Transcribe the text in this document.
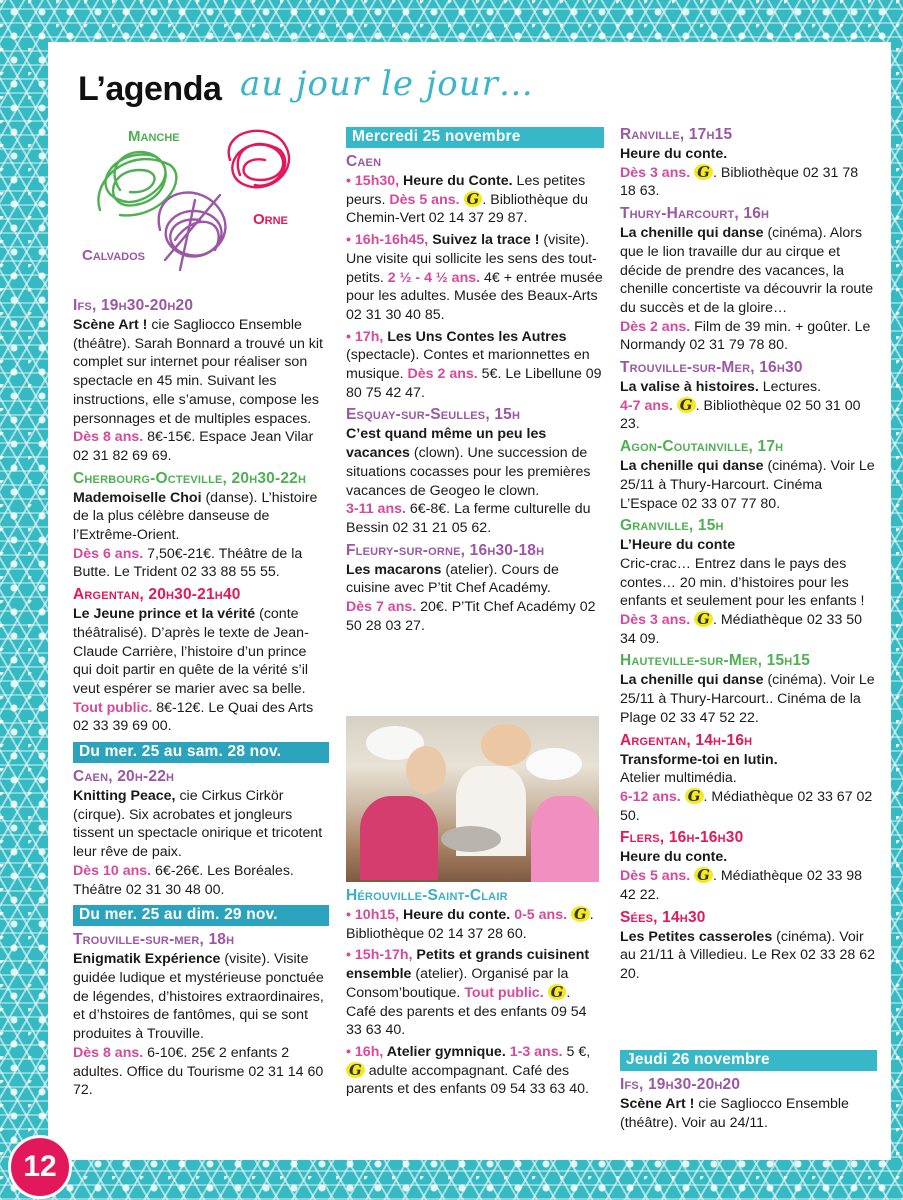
L’agenda au jour le jour…
Manche
Orne
Calvados
Ifs, 19h30-20h20
Scène Art ! cie Sagliocco Ensemble (théâtre). Sarah Bonnard a trouvé un kit complet sur internet pour réaliser son spectacle en 45 min. Suivant les instructions, elle s’amuse, compose les personnages et de multiples espaces.
Dès 8 ans. 8€-15€. Espace Jean Vilar 02 31 82 69 69.
Cherbourg-Octeville, 20h30-22h
Mademoiselle Choi (danse). L’histoire de la plus célèbre danseuse de l’Extrême-Orient.
Dès 6 ans. 7,50€-21€. Théâtre de la Butte. Le Trident 02 33 88 55 55.
Argentan, 20h30-21h40
Le Jeune prince et la vérité (conte théâtralisé). D’après le texte de Jean-Claude Carrière, l’histoire d’un prince qui doit partir en quête de la vérité s’il veut espérer se marier avec sa belle.
Tout public. 8€-12€. Le Quai des Arts 02 33 39 69 00.
Du mer. 25 au sam. 28 nov.
Caen, 20h-22h
Knitting Peace, cie Cirkus Cirkör (cirque). Six acrobates et jongleurs tissent un spectacle onirique et tricotent leur rêve de paix.
Dès 10 ans. 6€-26€. Les Boréales. Théâtre 02 31 30 48 00.
Du mer. 25 au dim. 29 nov.
Trouville-sur-mer, 18h
Enigmatik Expérience (visite). Visite guidée ludique et mystérieuse ponctuée de légendes, d’histoires extraordinaires, et d’hstoires de fantômes, qui se sont produites à Trouville.
Dès 8 ans. 6-10€. 25€ 2 enfants 2 adultes. Office du Tourisme 02 31 14 60 72.
Mercredi 25 novembre
Caen
• 15h30, Heure du Conte. Les petites peurs. Dès 5 ans. G . Bibliothèque du Chemin-Vert 02 14 37 29 87.
• 16h-16h45, Suivez la trace ! (visite). Une visite qui sollicite les sens des tout-petits. 2 ½ - 4 ½ ans. 4€ + entrée musée pour les adultes. Musée des Beaux-Arts 02 31 30 40 85.
• 17h, Les Uns Contes les Autres (spectacle). Contes et marionnettes en musique. Dès 2 ans. 5€. Le Libellune 09 80 75 42 47.
Esquay-sur-Seulles, 15h
C’est quand même un peu les vacances (clown). Une succession de situations cocasses pour les premières vacances de Geogeo le clown.
3-11 ans. 6€-8€. La ferme culturelle du Bessin 02 31 21 05 62.
Fleury-sur-orne, 16h30-18h
Les macarons (atelier). Cours de cuisine avec P’tit Chef Académy.
Dès 7 ans. 20€. P’Tit Chef Académy 02 50 28 03 27.
Hérouville-Saint-Clair
• 10h15, Heure du conte. 0-5 ans. G . Bibliothèque 02 14 37 28 60.
• 15h-17h, Petits et grands cuisinent ensemble (atelier). Organisé par la Consom’boutique. Tout public. G . Café des parents et des enfants 09 54 33 63 40.
• 16h, Atelier gymnique. 1-3 ans. 5 €, G adulte accompagnant. Café des parents et des enfants 09 54 33 63 40.
Ranville, 17h15
Heure du conte.
Dès 3 ans. G . Bibliothèque 02 31 78 18 63.
Thury-Harcourt, 16h
La chenille qui danse (cinéma). Alors que le lion travaille dur au cirque et décide de prendre des vacances, la chenille concertiste va découvrir la route du succès et de la gloire…
Dès 2 ans. Film de 39 min. + goûter. Le Normandy 02 31 79 78 80.
Trouville-sur-Mer, 16h30
La valise à histoires. Lectures.
4-7 ans. G . Bibliothèque 02 50 31 00 23.
Agon-Coutainville, 17h
La chenille qui danse (cinéma). Voir Le 25/11 à Thury-Harcourt. Cinéma L’Espace 02 33 07 77 80.
Granville, 15h
L’Heure du conte
Cric-crac… Entrez dans le pays des contes… 20 min. d’histoires pour les enfants et seulement pour les enfants !
Dès 3 ans. G . Médiathèque 02 33 50 34 09.
Hauteville-sur-Mer, 15h15
La chenille qui danse (cinéma). Voir Le 25/11 à Thury-Harcourt.. Cinéma de la Plage 02 33 47 52 22.
Argentan, 14h-16h
Transforme-toi en lutin.
Atelier multimédia.
6-12 ans. G . Médiathèque 02 33 67 02 50.
Flers, 16h-16h30
Heure du conte.
Dès 5 ans. G . Médiathèque 02 33 98 42 22.
Sées, 14h30
Les Petites casseroles (cinéma). Voir au 21/11 à Villedieu. Le Rex 02 33 28 62 20.
Jeudi 26 novembre
Ifs, 19h30-20h20
Scène Art ! cie Sagliocco Ensemble (théâtre). Voir au 24/11.
12
